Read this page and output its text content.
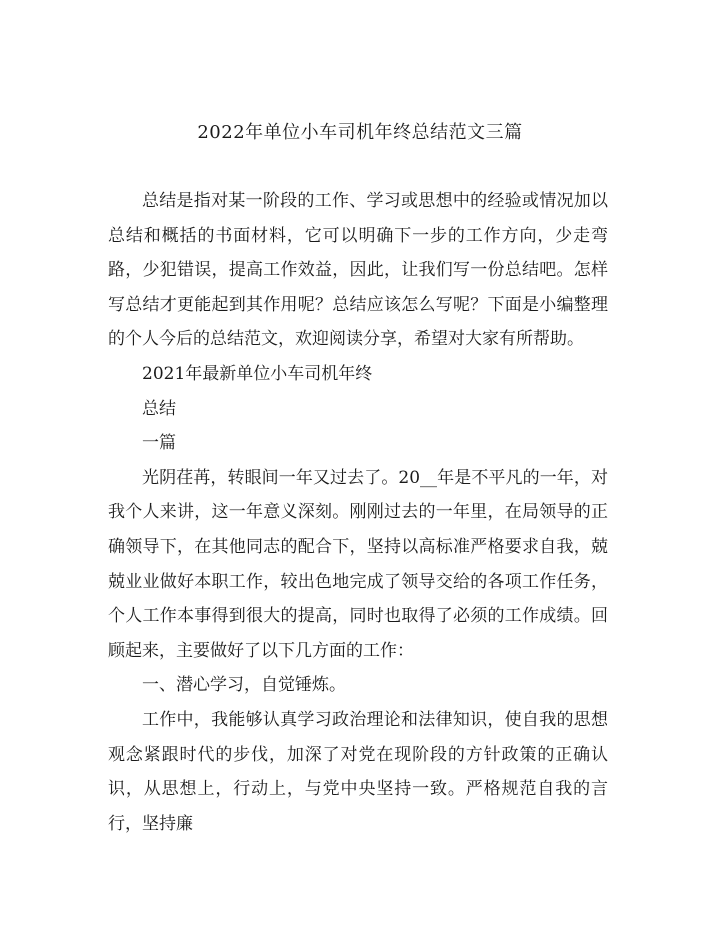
2022年单位小车司机年终总结范文三篇

总结是指对某一阶段的工作、学习或思想中的经验或情况加以总结和概括的书面材料，它可以明确下一步的工作方向，少走弯路，少犯错误，提高工作效益，因此，让我们写一份总结吧。怎样写总结才更能起到其作用呢？总结应该怎么写呢？下面是小编整理的个人今后的总结范文，欢迎阅读分享，希望对大家有所帮助。

2021年最新单位小车司机年终

总结

一篇

光阴荏苒，转眼间一年又过去了。20__年是不平凡的一年，对我个人来讲，这一年意义深刻。刚刚过去的一年里，在局领导的正确领导下，在其他同志的配合下，坚持以高标准严格要求自我，兢兢业业做好本职工作，较出色地完成了领导交给的各项工作任务，个人工作本事得到很大的提高，同时也取得了必须的工作成绩。回顾起来，主要做好了以下几方面的工作：

一、潜心学习，自觉锤炼。

工作中，我能够认真学习政治理论和法律知识，使自我的思想观念紧跟时代的步伐，加深了对党在现阶段的方针政策的正确认识，从思想上，行动上，与党中央坚持一致。严格规范自我的言行，坚持廉
